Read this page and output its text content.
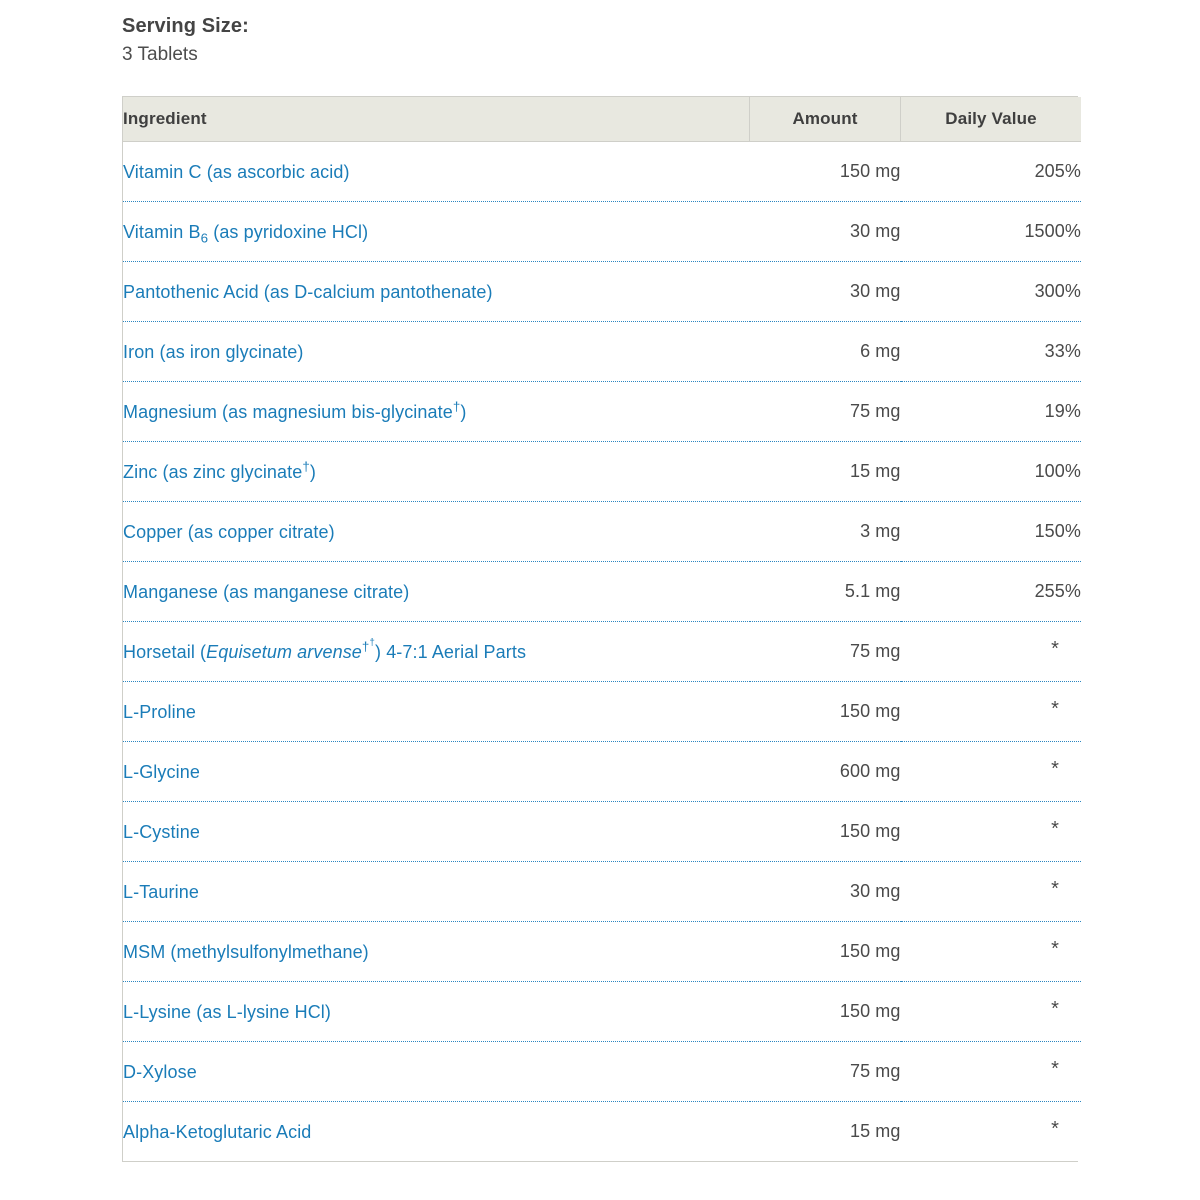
Serving Size:
3 Tablets
Ingredient	Amount	Daily Value
Vitamin C (as ascorbic acid)	150 mg	205%
Vitamin $B_6$ (as pyridoxine HCl)	30 mg	1500%
Pantothenic Acid (as D-calcium pantothenate)	30 mg	300%
Iron (as iron glycinate)	6 mg	33%
Magnesium (as magnesium bis-glycinate†)	75 mg	19%
Zinc (as zinc glycinate†)	15 mg	100%
Copper (as copper citrate)	3 mg	150%
Manganese (as manganese citrate)	5.1 mg	255%
Horsetail (Equisetum arvense††) 4-7:1 Aerial Parts	75 mg	*
L-Proline	150 mg	*
L-Glycine	600 mg	*
L-Cystine	150 mg	*
L-Taurine	30 mg	*
MSM (methylsulfonylmethane)	150 mg	*
L-Lysine (as L-lysine HCl)	150 mg	*
D-Xylose	75 mg	*
Alpha-Ketoglutaric Acid	15 mg	*
